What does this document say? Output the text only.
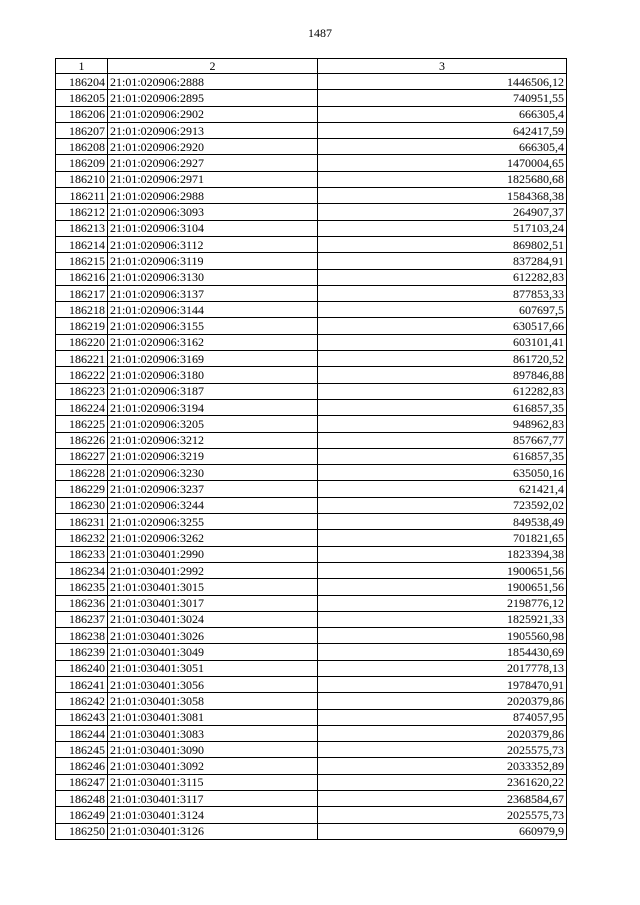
1487
1	2	3
186204	21:01:020906:2888	1446506,12
186205	21:01:020906:2895	740951,55
186206	21:01:020906:2902	666305,4
186207	21:01:020906:2913	642417,59
186208	21:01:020906:2920	666305,4
186209	21:01:020906:2927	1470004,65
186210	21:01:020906:2971	1825680,68
186211	21:01:020906:2988	1584368,38
186212	21:01:020906:3093	264907,37
186213	21:01:020906:3104	517103,24
186214	21:01:020906:3112	869802,51
186215	21:01:020906:3119	837284,91
186216	21:01:020906:3130	612282,83
186217	21:01:020906:3137	877853,33
186218	21:01:020906:3144	607697,5
186219	21:01:020906:3155	630517,66
186220	21:01:020906:3162	603101,41
186221	21:01:020906:3169	861720,52
186222	21:01:020906:3180	897846,88
186223	21:01:020906:3187	612282,83
186224	21:01:020906:3194	616857,35
186225	21:01:020906:3205	948962,83
186226	21:01:020906:3212	857667,77
186227	21:01:020906:3219	616857,35
186228	21:01:020906:3230	635050,16
186229	21:01:020906:3237	621421,4
186230	21:01:020906:3244	723592,02
186231	21:01:020906:3255	849538,49
186232	21:01:020906:3262	701821,65
186233	21:01:030401:2990	1823394,38
186234	21:01:030401:2992	1900651,56
186235	21:01:030401:3015	1900651,56
186236	21:01:030401:3017	2198776,12
186237	21:01:030401:3024	1825921,33
186238	21:01:030401:3026	1905560,98
186239	21:01:030401:3049	1854430,69
186240	21:01:030401:3051	2017778,13
186241	21:01:030401:3056	1978470,91
186242	21:01:030401:3058	2020379,86
186243	21:01:030401:3081	874057,95
186244	21:01:030401:3083	2020379,86
186245	21:01:030401:3090	2025575,73
186246	21:01:030401:3092	2033352,89
186247	21:01:030401:3115	2361620,22
186248	21:01:030401:3117	2368584,67
186249	21:01:030401:3124	2025575,73
186250	21:01:030401:3126	660979,9
